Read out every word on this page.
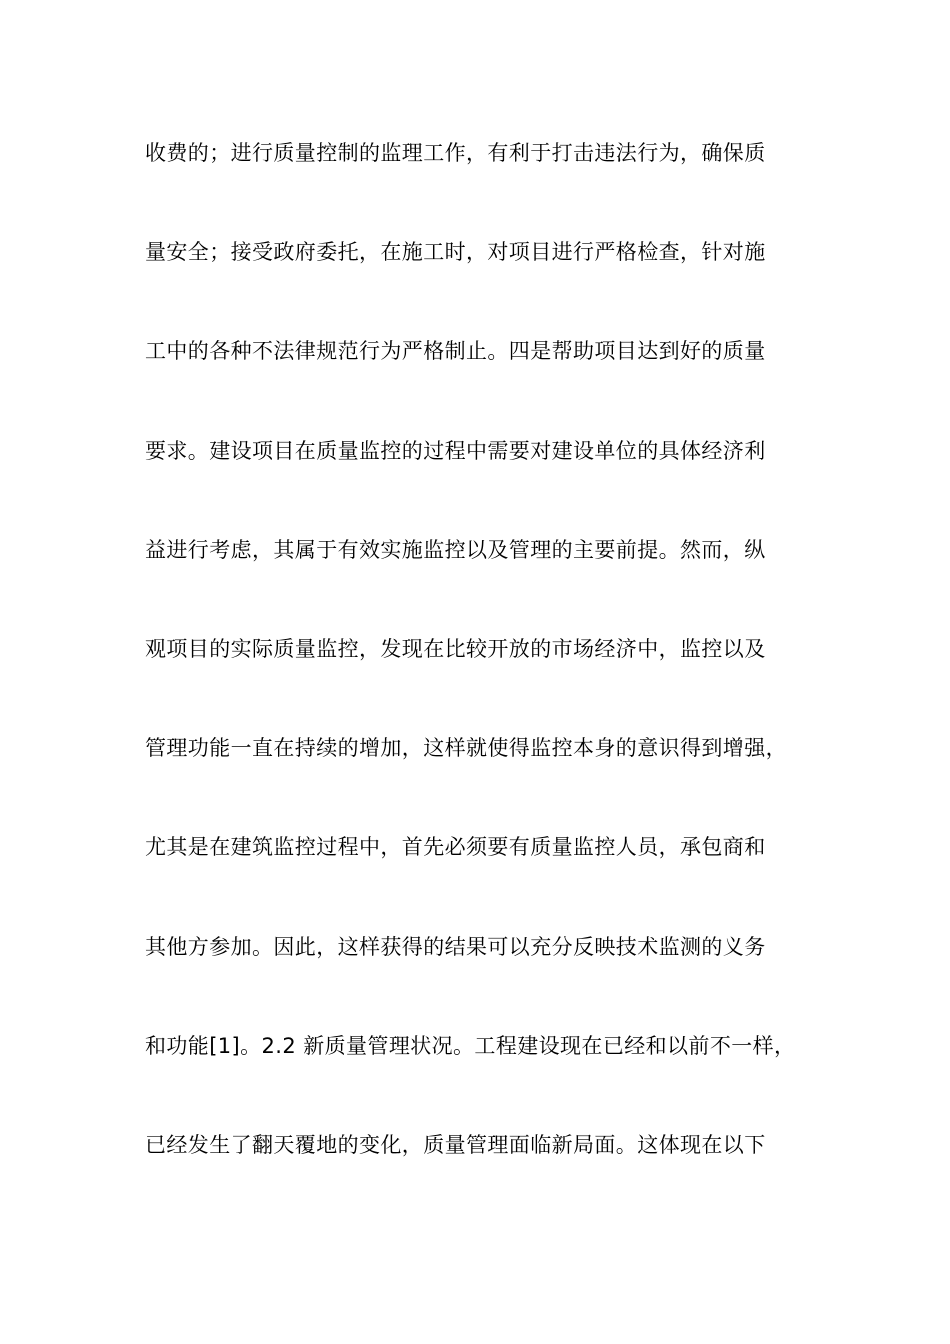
收费的；进行质量控制的监理工作，有利于打击违法行为，确保质
量安全；接受政府委托，在施工时，对项目进行严格检查，针对施
工中的各种不法律规范行为严格制止。四是帮助项目达到好的质量
要求。建设项目在质量监控的过程中需要对建设单位的具体经济利
益进行考虑，其属于有效实施监控以及管理的主要前提。然而，纵
观项目的实际质量监控，发现在比较开放的市场经济中，监控以及
管理功能一直在持续的增加，这样就使得监控本身的意识得到增强，
尤其是在建筑监控过程中，首先必须要有质量监控人员，承包商和
其他方参加。因此，这样获得的结果可以充分反映技术监测的义务
和功能[1]。2.2 新质量管理状况。工程建设现在已经和以前不一样，
已经发生了翻天覆地的变化，质量管理面临新局面。这体现在以下
